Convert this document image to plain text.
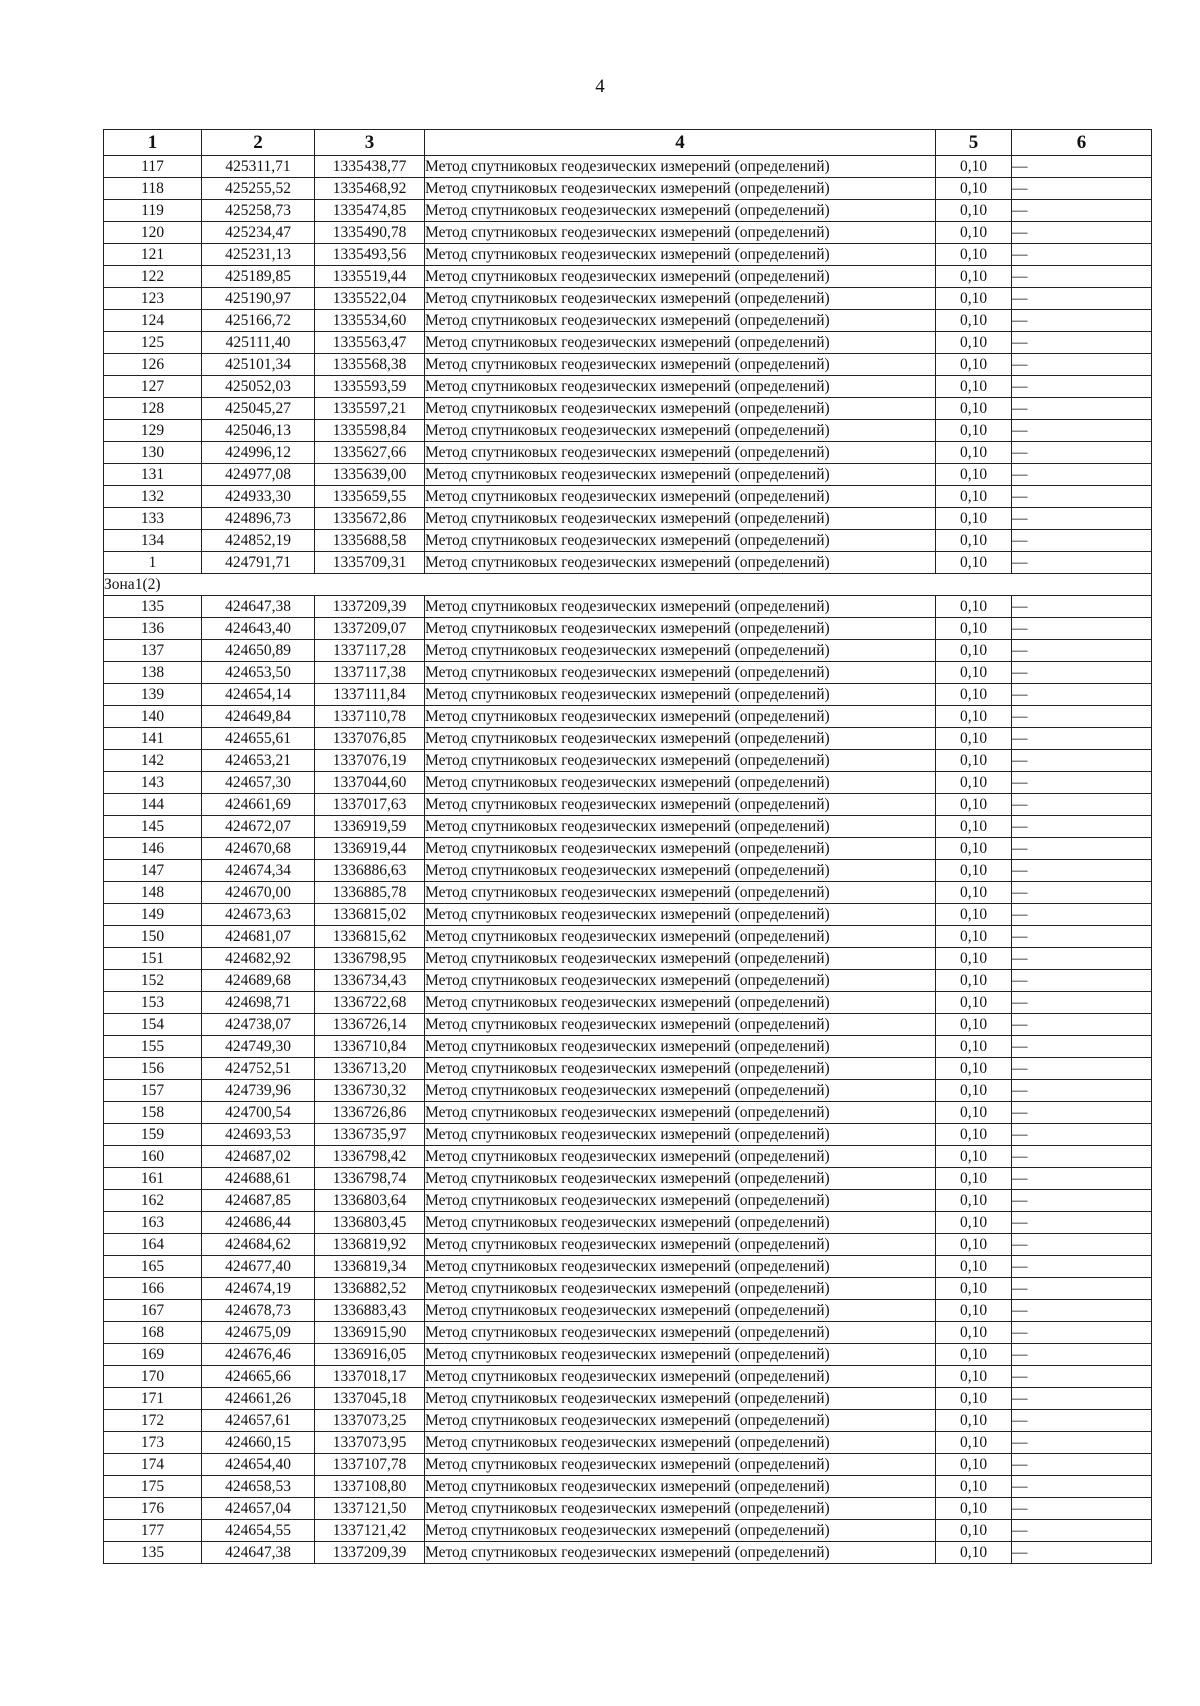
4
1	2	3	4	5	6
117	425311,71	1335438,77	Метод спутниковых геодезических измерений (определений)	0,10	—
118	425255,52	1335468,92	Метод спутниковых геодезических измерений (определений)	0,10	—
119	425258,73	1335474,85	Метод спутниковых геодезических измерений (определений)	0,10	—
120	425234,47	1335490,78	Метод спутниковых геодезических измерений (определений)	0,10	—
121	425231,13	1335493,56	Метод спутниковых геодезических измерений (определений)	0,10	—
122	425189,85	1335519,44	Метод спутниковых геодезических измерений (определений)	0,10	—
123	425190,97	1335522,04	Метод спутниковых геодезических измерений (определений)	0,10	—
124	425166,72	1335534,60	Метод спутниковых геодезических измерений (определений)	0,10	—
125	425111,40	1335563,47	Метод спутниковых геодезических измерений (определений)	0,10	—
126	425101,34	1335568,38	Метод спутниковых геодезических измерений (определений)	0,10	—
127	425052,03	1335593,59	Метод спутниковых геодезических измерений (определений)	0,10	—
128	425045,27	1335597,21	Метод спутниковых геодезических измерений (определений)	0,10	—
129	425046,13	1335598,84	Метод спутниковых геодезических измерений (определений)	0,10	—
130	424996,12	1335627,66	Метод спутниковых геодезических измерений (определений)	0,10	—
131	424977,08	1335639,00	Метод спутниковых геодезических измерений (определений)	0,10	—
132	424933,30	1335659,55	Метод спутниковых геодезических измерений (определений)	0,10	—
133	424896,73	1335672,86	Метод спутниковых геодезических измерений (определений)	0,10	—
134	424852,19	1335688,58	Метод спутниковых геодезических измерений (определений)	0,10	—
1	424791,71	1335709,31	Метод спутниковых геодезических измерений (определений)	0,10	—
Зона1(2)					
135	424647,38	1337209,39	Метод спутниковых геодезических измерений (определений)	0,10	—
136	424643,40	1337209,07	Метод спутниковых геодезических измерений (определений)	0,10	—
137	424650,89	1337117,28	Метод спутниковых геодезических измерений (определений)	0,10	—
138	424653,50	1337117,38	Метод спутниковых геодезических измерений (определений)	0,10	—
139	424654,14	1337111,84	Метод спутниковых геодезических измерений (определений)	0,10	—
140	424649,84	1337110,78	Метод спутниковых геодезических измерений (определений)	0,10	—
141	424655,61	1337076,85	Метод спутниковых геодезических измерений (определений)	0,10	—
142	424653,21	1337076,19	Метод спутниковых геодезических измерений (определений)	0,10	—
143	424657,30	1337044,60	Метод спутниковых геодезических измерений (определений)	0,10	—
144	424661,69	1337017,63	Метод спутниковых геодезических измерений (определений)	0,10	—
145	424672,07	1336919,59	Метод спутниковых геодезических измерений (определений)	0,10	—
146	424670,68	1336919,44	Метод спутниковых геодезических измерений (определений)	0,10	—
147	424674,34	1336886,63	Метод спутниковых геодезических измерений (определений)	0,10	—
148	424670,00	1336885,78	Метод спутниковых геодезических измерений (определений)	0,10	—
149	424673,63	1336815,02	Метод спутниковых геодезических измерений (определений)	0,10	—
150	424681,07	1336815,62	Метод спутниковых геодезических измерений (определений)	0,10	—
151	424682,92	1336798,95	Метод спутниковых геодезических измерений (определений)	0,10	—
152	424689,68	1336734,43	Метод спутниковых геодезических измерений (определений)	0,10	—
153	424698,71	1336722,68	Метод спутниковых геодезических измерений (определений)	0,10	—
154	424738,07	1336726,14	Метод спутниковых геодезических измерений (определений)	0,10	—
155	424749,30	1336710,84	Метод спутниковых геодезических измерений (определений)	0,10	—
156	424752,51	1336713,20	Метод спутниковых геодезических измерений (определений)	0,10	—
157	424739,96	1336730,32	Метод спутниковых геодезических измерений (определений)	0,10	—
158	424700,54	1336726,86	Метод спутниковых геодезических измерений (определений)	0,10	—
159	424693,53	1336735,97	Метод спутниковых геодезических измерений (определений)	0,10	—
160	424687,02	1336798,42	Метод спутниковых геодезических измерений (определений)	0,10	—
161	424688,61	1336798,74	Метод спутниковых геодезических измерений (определений)	0,10	—
162	424687,85	1336803,64	Метод спутниковых геодезических измерений (определений)	0,10	—
163	424686,44	1336803,45	Метод спутниковых геодезических измерений (определений)	0,10	—
164	424684,62	1336819,92	Метод спутниковых геодезических измерений (определений)	0,10	—
165	424677,40	1336819,34	Метод спутниковых геодезических измерений (определений)	0,10	—
166	424674,19	1336882,52	Метод спутниковых геодезических измерений (определений)	0,10	—
167	424678,73	1336883,43	Метод спутниковых геодезических измерений (определений)	0,10	—
168	424675,09	1336915,90	Метод спутниковых геодезических измерений (определений)	0,10	—
169	424676,46	1336916,05	Метод спутниковых геодезических измерений (определений)	0,10	—
170	424665,66	1337018,17	Метод спутниковых геодезических измерений (определений)	0,10	—
171	424661,26	1337045,18	Метод спутниковых геодезических измерений (определений)	0,10	—
172	424657,61	1337073,25	Метод спутниковых геодезических измерений (определений)	0,10	—
173	424660,15	1337073,95	Метод спутниковых геодезических измерений (определений)	0,10	—
174	424654,40	1337107,78	Метод спутниковых геодезических измерений (определений)	0,10	—
175	424658,53	1337108,80	Метод спутниковых геодезических измерений (определений)	0,10	—
176	424657,04	1337121,50	Метод спутниковых геодезических измерений (определений)	0,10	—
177	424654,55	1337121,42	Метод спутниковых геодезических измерений (определений)	0,10	—
135	424647,38	1337209,39	Метод спутниковых геодезических измерений (определений)	0,10	—
